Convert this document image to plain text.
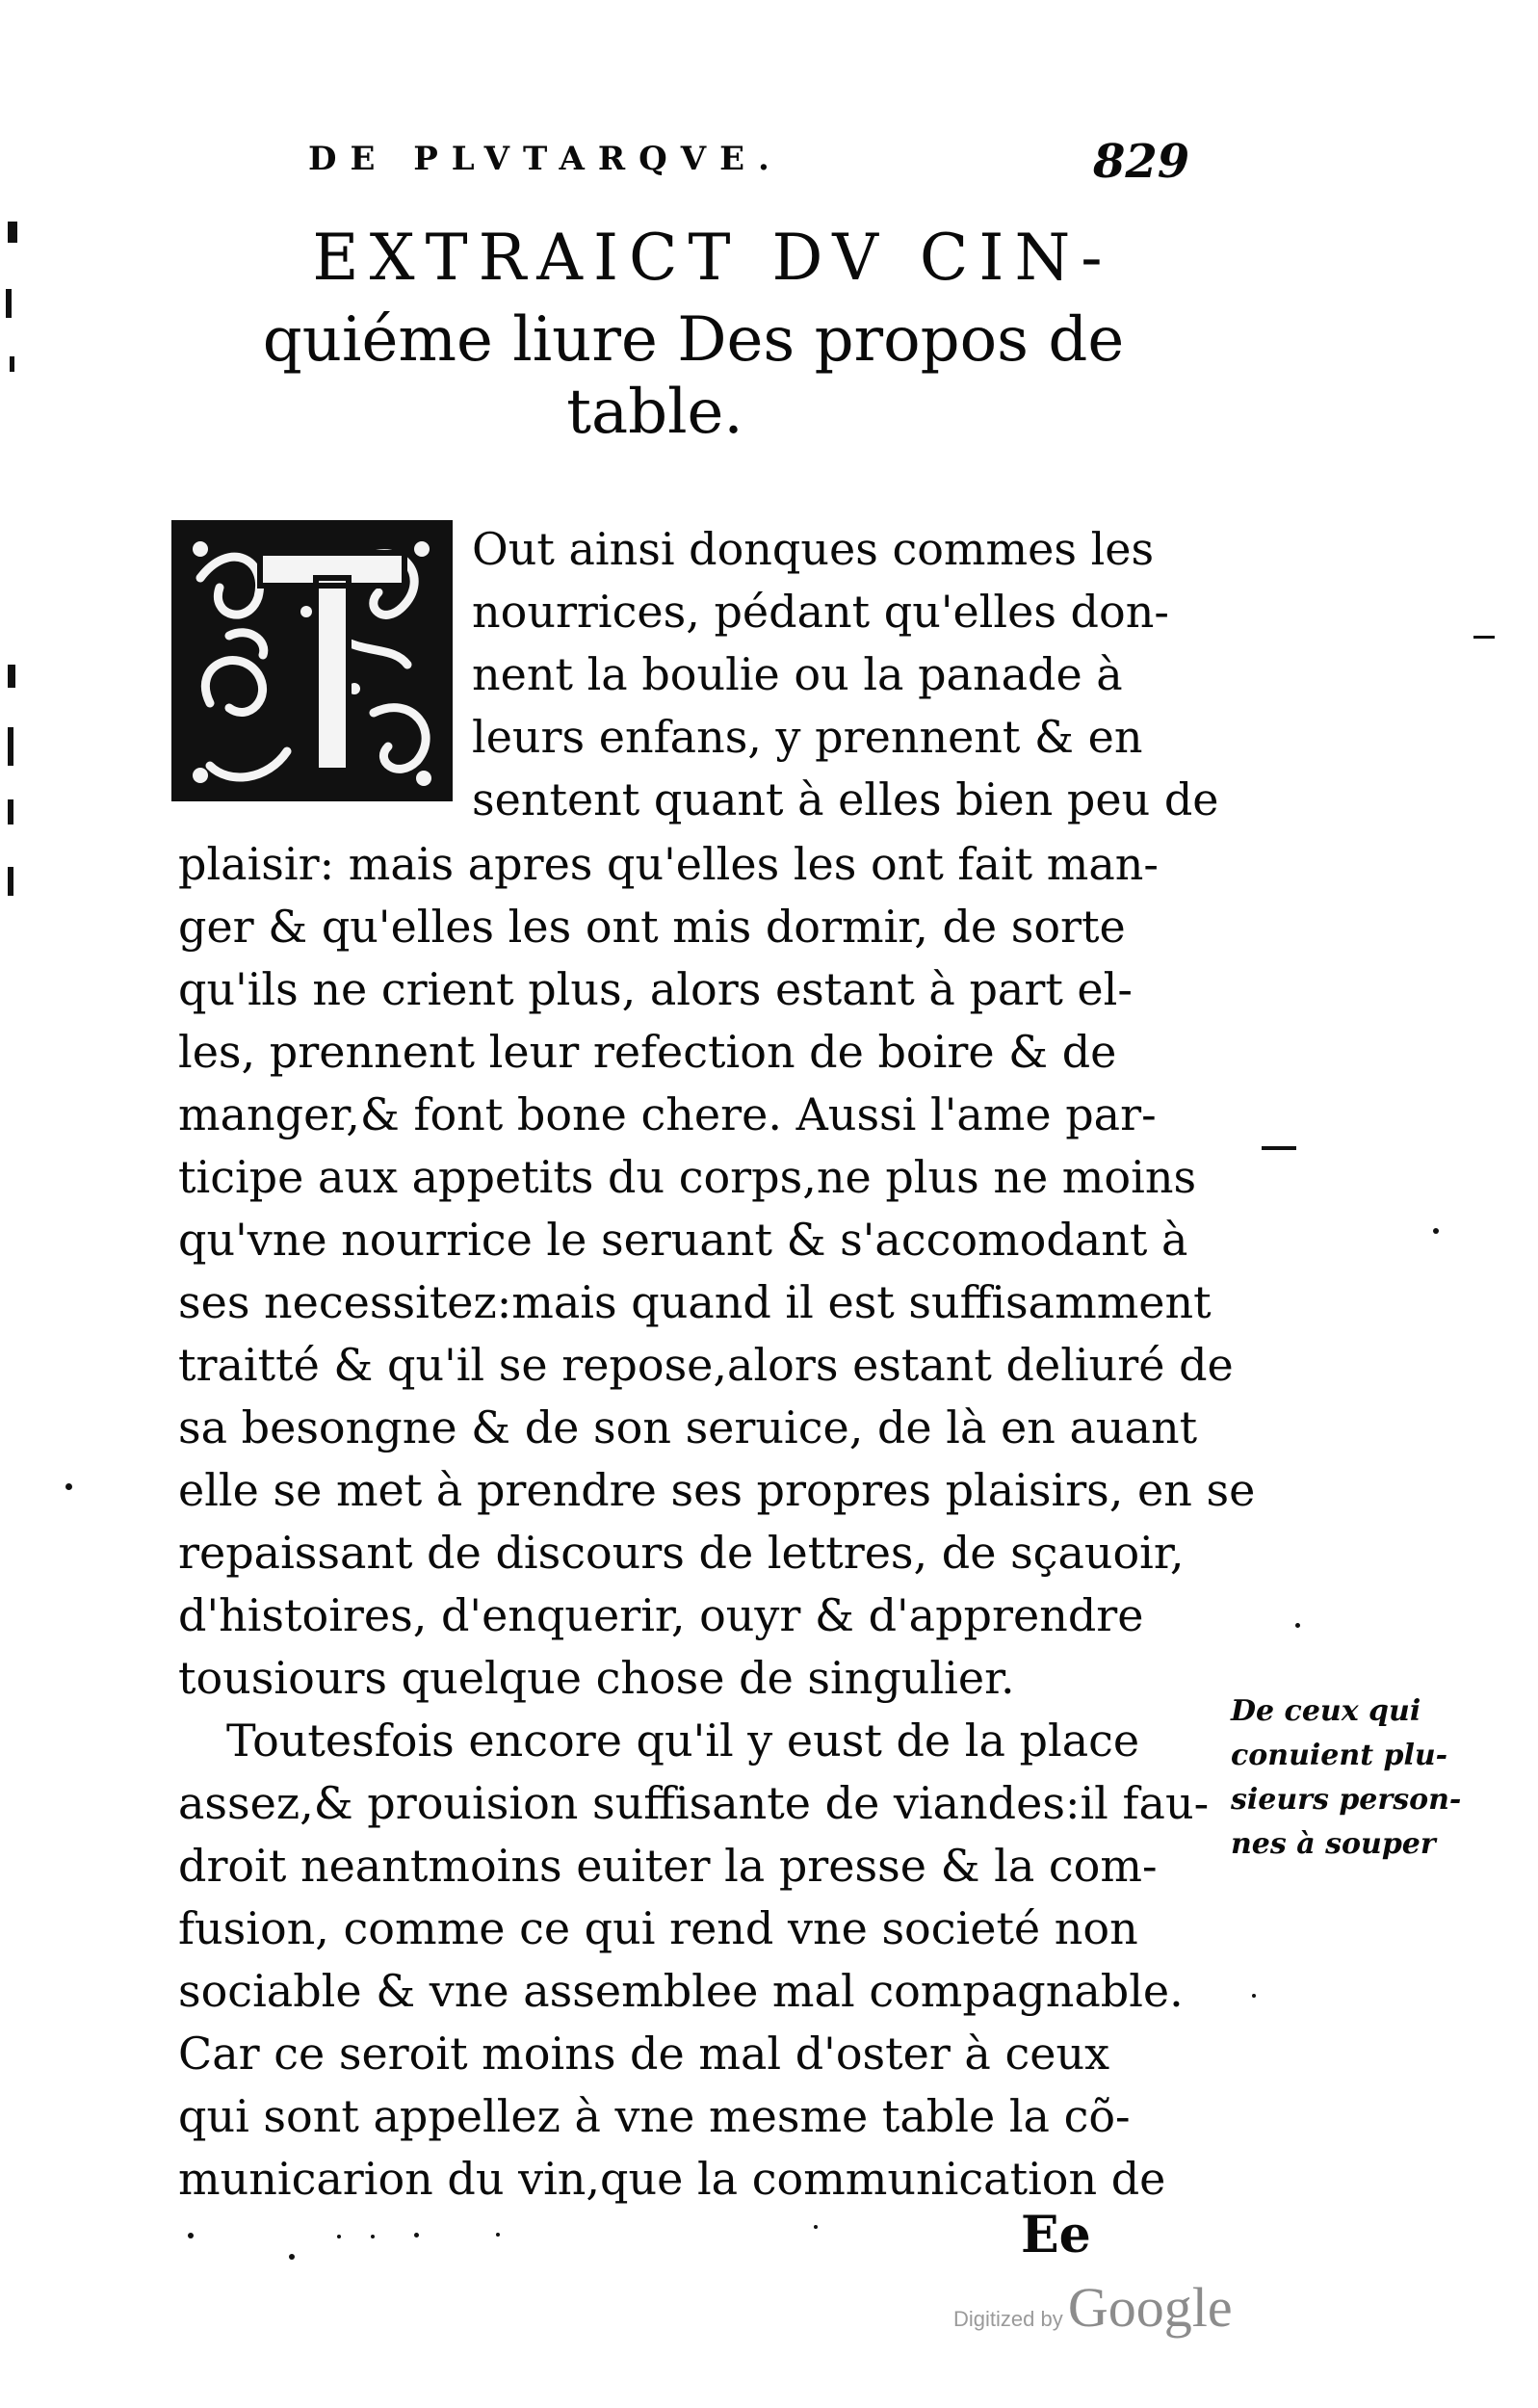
DE PLVTARQVE.	829
EXTRAICT DV CIN-
quiéme liure Des propos de
table.
Out ainsi donques commes les
nourrices, pédant qu'elles don-
nent la boulie ou la panade à
leurs enfans, y prennent & en
sentent quant à elles bien peu de
plaisir: mais apres qu'elles les ont fait man-
ger & qu'elles les ont mis dormir, de sorte
qu'ils ne crient plus, alors estant à part el-
les, prennent leur refection de boire & de
manger,& font bone chere. Aussi l'ame par-
ticipe aux appetits du corps,ne plus ne moins
qu'vne nourrice le seruant & s'accomodant à
ses necessitez:mais quand il est suffisamment
traitté & qu'il se repose,alors estant deliuré de
sa besongne & de son seruice, de là en auant
elle se met à prendre ses propres plaisirs, en se
repaissant de discours de lettres, de sçauoir,
d'histoires, d'enquerir, ouyr & d'apprendre
tousiours quelque chose de singulier.
Toutesfois encore qu'il y eust de la place
assez,& prouision suffisante de viandes:il fau-
droit neantmoins euiter la presse & la com-
fusion, comme ce qui rend vne societé non
sociable & vne assemblee mal compagnable.
Car ce seroit moins de mal d'oster à ceux
qui sont appellez à vne mesme table la cõ-
municarion du vin,que la communication de
De ceux qui
conuient plu-
sieurs person-
nes à souper
Ee
Digitized by Google
